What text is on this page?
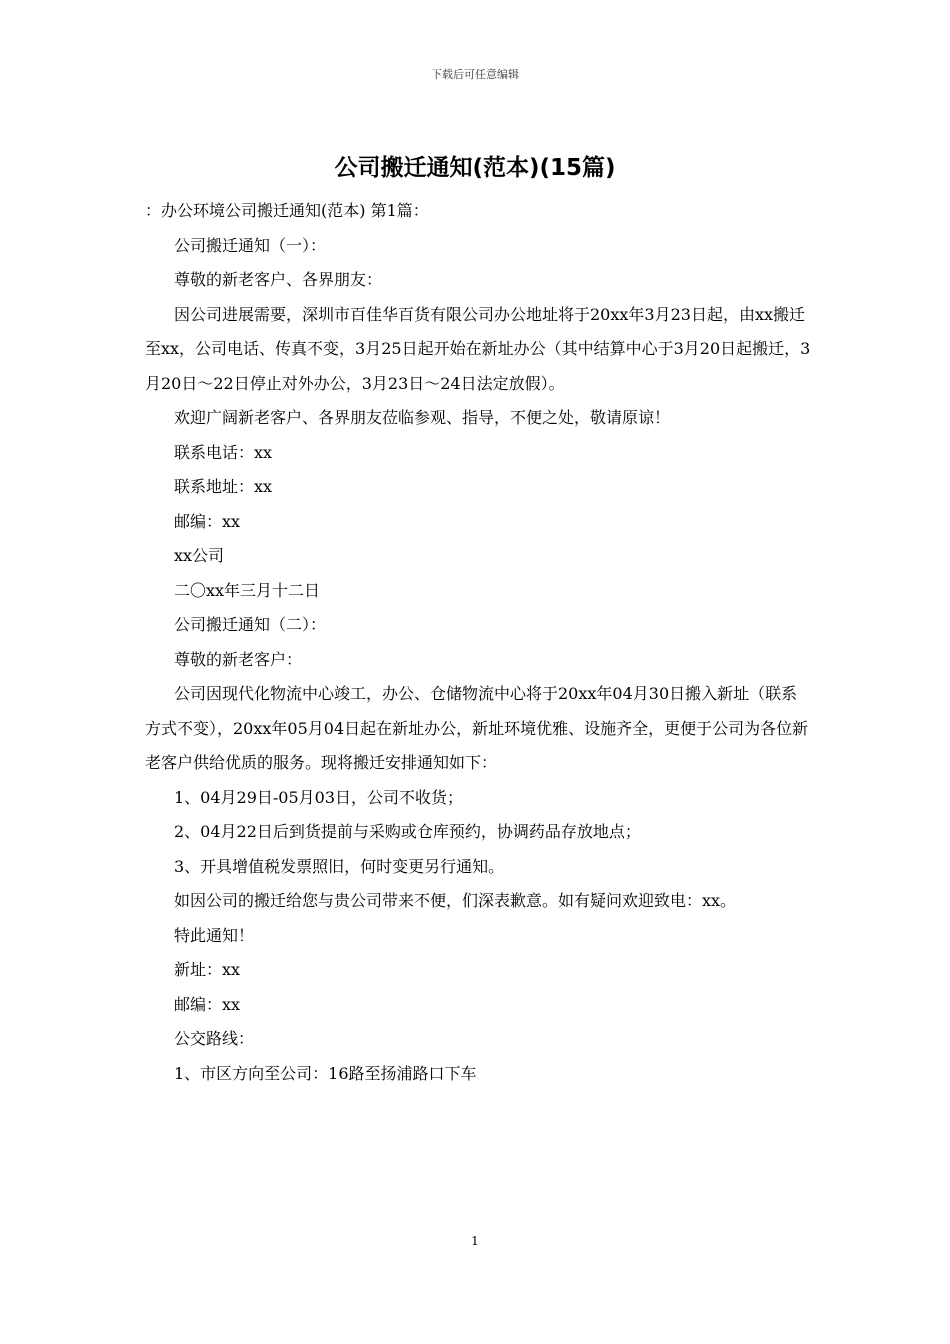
下载后可任意编辑
公司搬迁通知(范本)(15篇)

：办公环境公司搬迁通知(范本) 第1篇：

公司搬迁通知（一）：

尊敬的新老客户、各界朋友：

因公司进展需要，深圳市百佳华百货有限公司办公地址将于20xx年3月23日起，由xx搬迁至xx，公司电话、传真不变，3月25日起开始在新址办公（其中结算中心于3月20日起搬迁，3月20日～22日停止对外办公，3月23日～24日法定放假）。

欢迎广阔新老客户、各界朋友莅临参观、指导，不便之处，敬请原谅！

联系电话：xx

联系地址：xx

邮编：xx

xx公司

二〇xx年三月十二日

公司搬迁通知（二）：

尊敬的新老客户：

公司因现代化物流中心竣工，办公、仓储物流中心将于20xx年04月30日搬入新址（联系方式不变），20xx年05月04日起在新址办公，新址环境优雅、设施齐全，更便于公司为各位新老客户供给优质的服务。现将搬迁安排通知如下：

1、04月29日-05月03日，公司不收货；

2、04月22日后到货提前与采购或仓库预约，协调药品存放地点；

3、开具增值税发票照旧，何时变更另行通知。

如因公司的搬迁给您与贵公司带来不便，们深表歉意。如有疑问欢迎致电：xx。

特此通知！

新址：xx

邮编：xx

公交路线：

1、市区方向至公司：16路至扬浦路口下车

1
